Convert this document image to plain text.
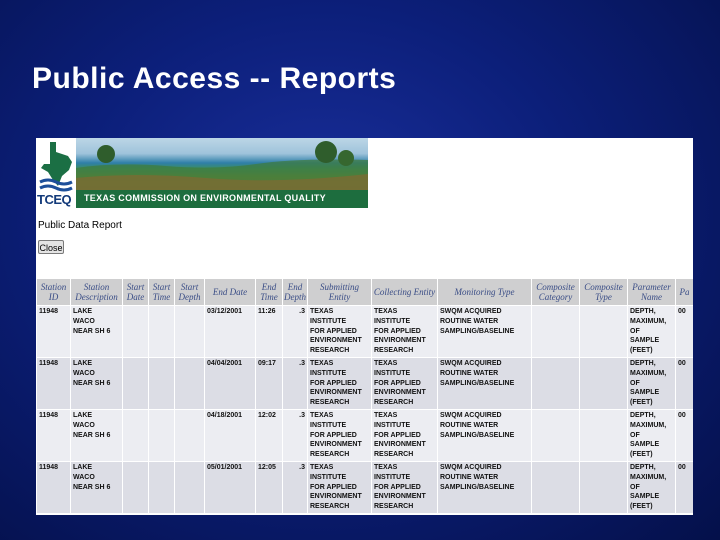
Public Access -- Reports
TCEQ TEXAS COMMISSION ON ENVIRONMENTAL QUALITY
Public Data Report
Close
Station ID	Station Description	Start Date	Start Time	Start Depth	End Date	End Time	End Depth	Submitting Entity	Collecting Entity	Monitoring Type	Composite Category	Composite Type	Parameter Name	Pa
11948	LAKE
WACO
NEAR SH 6				03/12/2001	11:26	.3	TEXAS
INSTITUTE
FOR APPLIED
ENVIRONMENT
RESEARCH	TEXAS
INSTITUTE
FOR APPLIED
ENVIRONMENT
RESEARCH	SWQM ACQUIRED
ROUTINE WATER
SAMPLING/BASELINE			DEPTH,
MAXIMUM,
OF
SAMPLE
(FEET)	00
11948	LAKE
WACO
NEAR SH 6				04/04/2001	09:17	.3	TEXAS
INSTITUTE
FOR APPLIED
ENVIRONMENT
RESEARCH	TEXAS
INSTITUTE
FOR APPLIED
ENVIRONMENT
RESEARCH	SWQM ACQUIRED
ROUTINE WATER
SAMPLING/BASELINE			DEPTH,
MAXIMUM,
OF
SAMPLE
(FEET)	00
11948	LAKE
WACO
NEAR SH 6				04/18/2001	12:02	.3	TEXAS
INSTITUTE
FOR APPLIED
ENVIRONMENT
RESEARCH	TEXAS
INSTITUTE
FOR APPLIED
ENVIRONMENT
RESEARCH	SWQM ACQUIRED
ROUTINE WATER
SAMPLING/BASELINE			DEPTH,
MAXIMUM,
OF
SAMPLE
(FEET)	00
11948	LAKE
WACO
NEAR SH 6				05/01/2001	12:05	.3	TEXAS
INSTITUTE
FOR APPLIED
ENVIRONMENT
RESEARCH	TEXAS
INSTITUTE
FOR APPLIED
ENVIRONMENT
RESEARCH	SWQM ACQUIRED
ROUTINE WATER
SAMPLING/BASELINE			DEPTH,
MAXIMUM,
OF
SAMPLE
(FEET)	00
